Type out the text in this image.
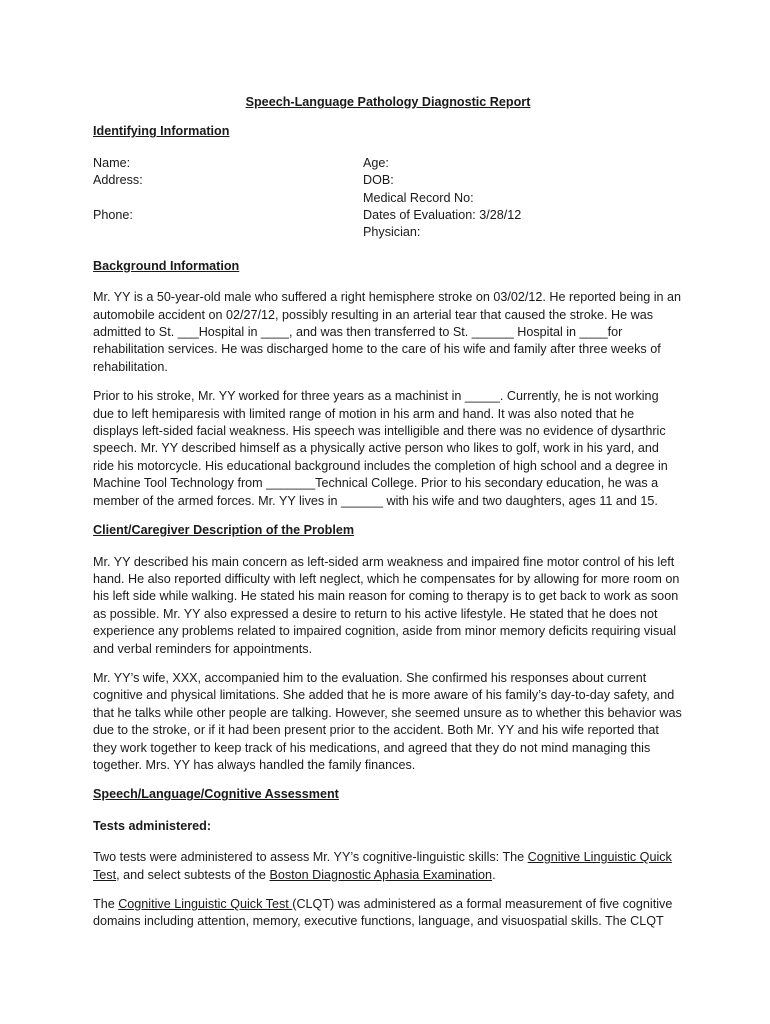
Speech-Language Pathology Diagnostic Report
Identifying Information
Name:
Address:
Phone:
Age:
DOB:
Medical Record No:
Dates of Evaluation: 3/28/12
Physician:
Background Information

Mr. YY is a 50-year-old male who suffered a right hemisphere stroke on 03/02/12. He reported being in an automobile accident on 02/27/12, possibly resulting in an arterial tear that caused the stroke. He was admitted to St. ___Hospital in ____, and was then transferred to St. ______ Hospital in ____for rehabilitation services. He was discharged home to the care of his wife and family after three weeks of rehabilitation.

Prior to his stroke, Mr. YY worked for three years as a machinist in _____. Currently, he is not working due to left hemiparesis with limited range of motion in his arm and hand. It was also noted that he displays left-sided facial weakness. His speech was intelligible and there was no evidence of dysarthric speech. Mr. YY described himself as a physically active person who likes to golf, work in his yard, and ride his motorcycle. His educational background includes the completion of high school and a degree in Machine Tool Technology from _______Technical College. Prior to his secondary education, he was a member of the armed forces. Mr. YY lives in ______ with his wife and two daughters, ages 11 and 15.

Client/Caregiver Description of the Problem

Mr. YY described his main concern as left-sided arm weakness and impaired fine motor control of his left hand. He also reported difficulty with left neglect, which he compensates for by allowing for more room on his left side while walking. He stated his main reason for coming to therapy is to get back to work as soon as possible. Mr. YY also expressed a desire to return to his active lifestyle. He stated that he does not experience any problems related to impaired cognition, aside from minor memory deficits requiring visual and verbal reminders for appointments.

Mr. YY’s wife, XXX, accompanied him to the evaluation. She confirmed his responses about current cognitive and physical limitations. She added that he is more aware of his family’s day-to-day safety, and that he talks while other people are talking. However, she seemed unsure as to whether this behavior was due to the stroke, or if it had been present prior to the accident. Both Mr. YY and his wife reported that they work together to keep track of his medications, and agreed that they do not mind managing this together. Mrs. YY has always handled the family finances.

Speech/Language/Cognitive Assessment
Tests administered:

Two tests were administered to assess Mr. YY’s cognitive-linguistic skills: The Cognitive Linguistic Quick Test, and select subtests of the Boston Diagnostic Aphasia Examination.

The Cognitive Linguistic Quick Test (CLQT) was administered as a formal measurement of five cognitive domains including attention, memory, executive functions, language, and visuospatial skills. The CLQT
